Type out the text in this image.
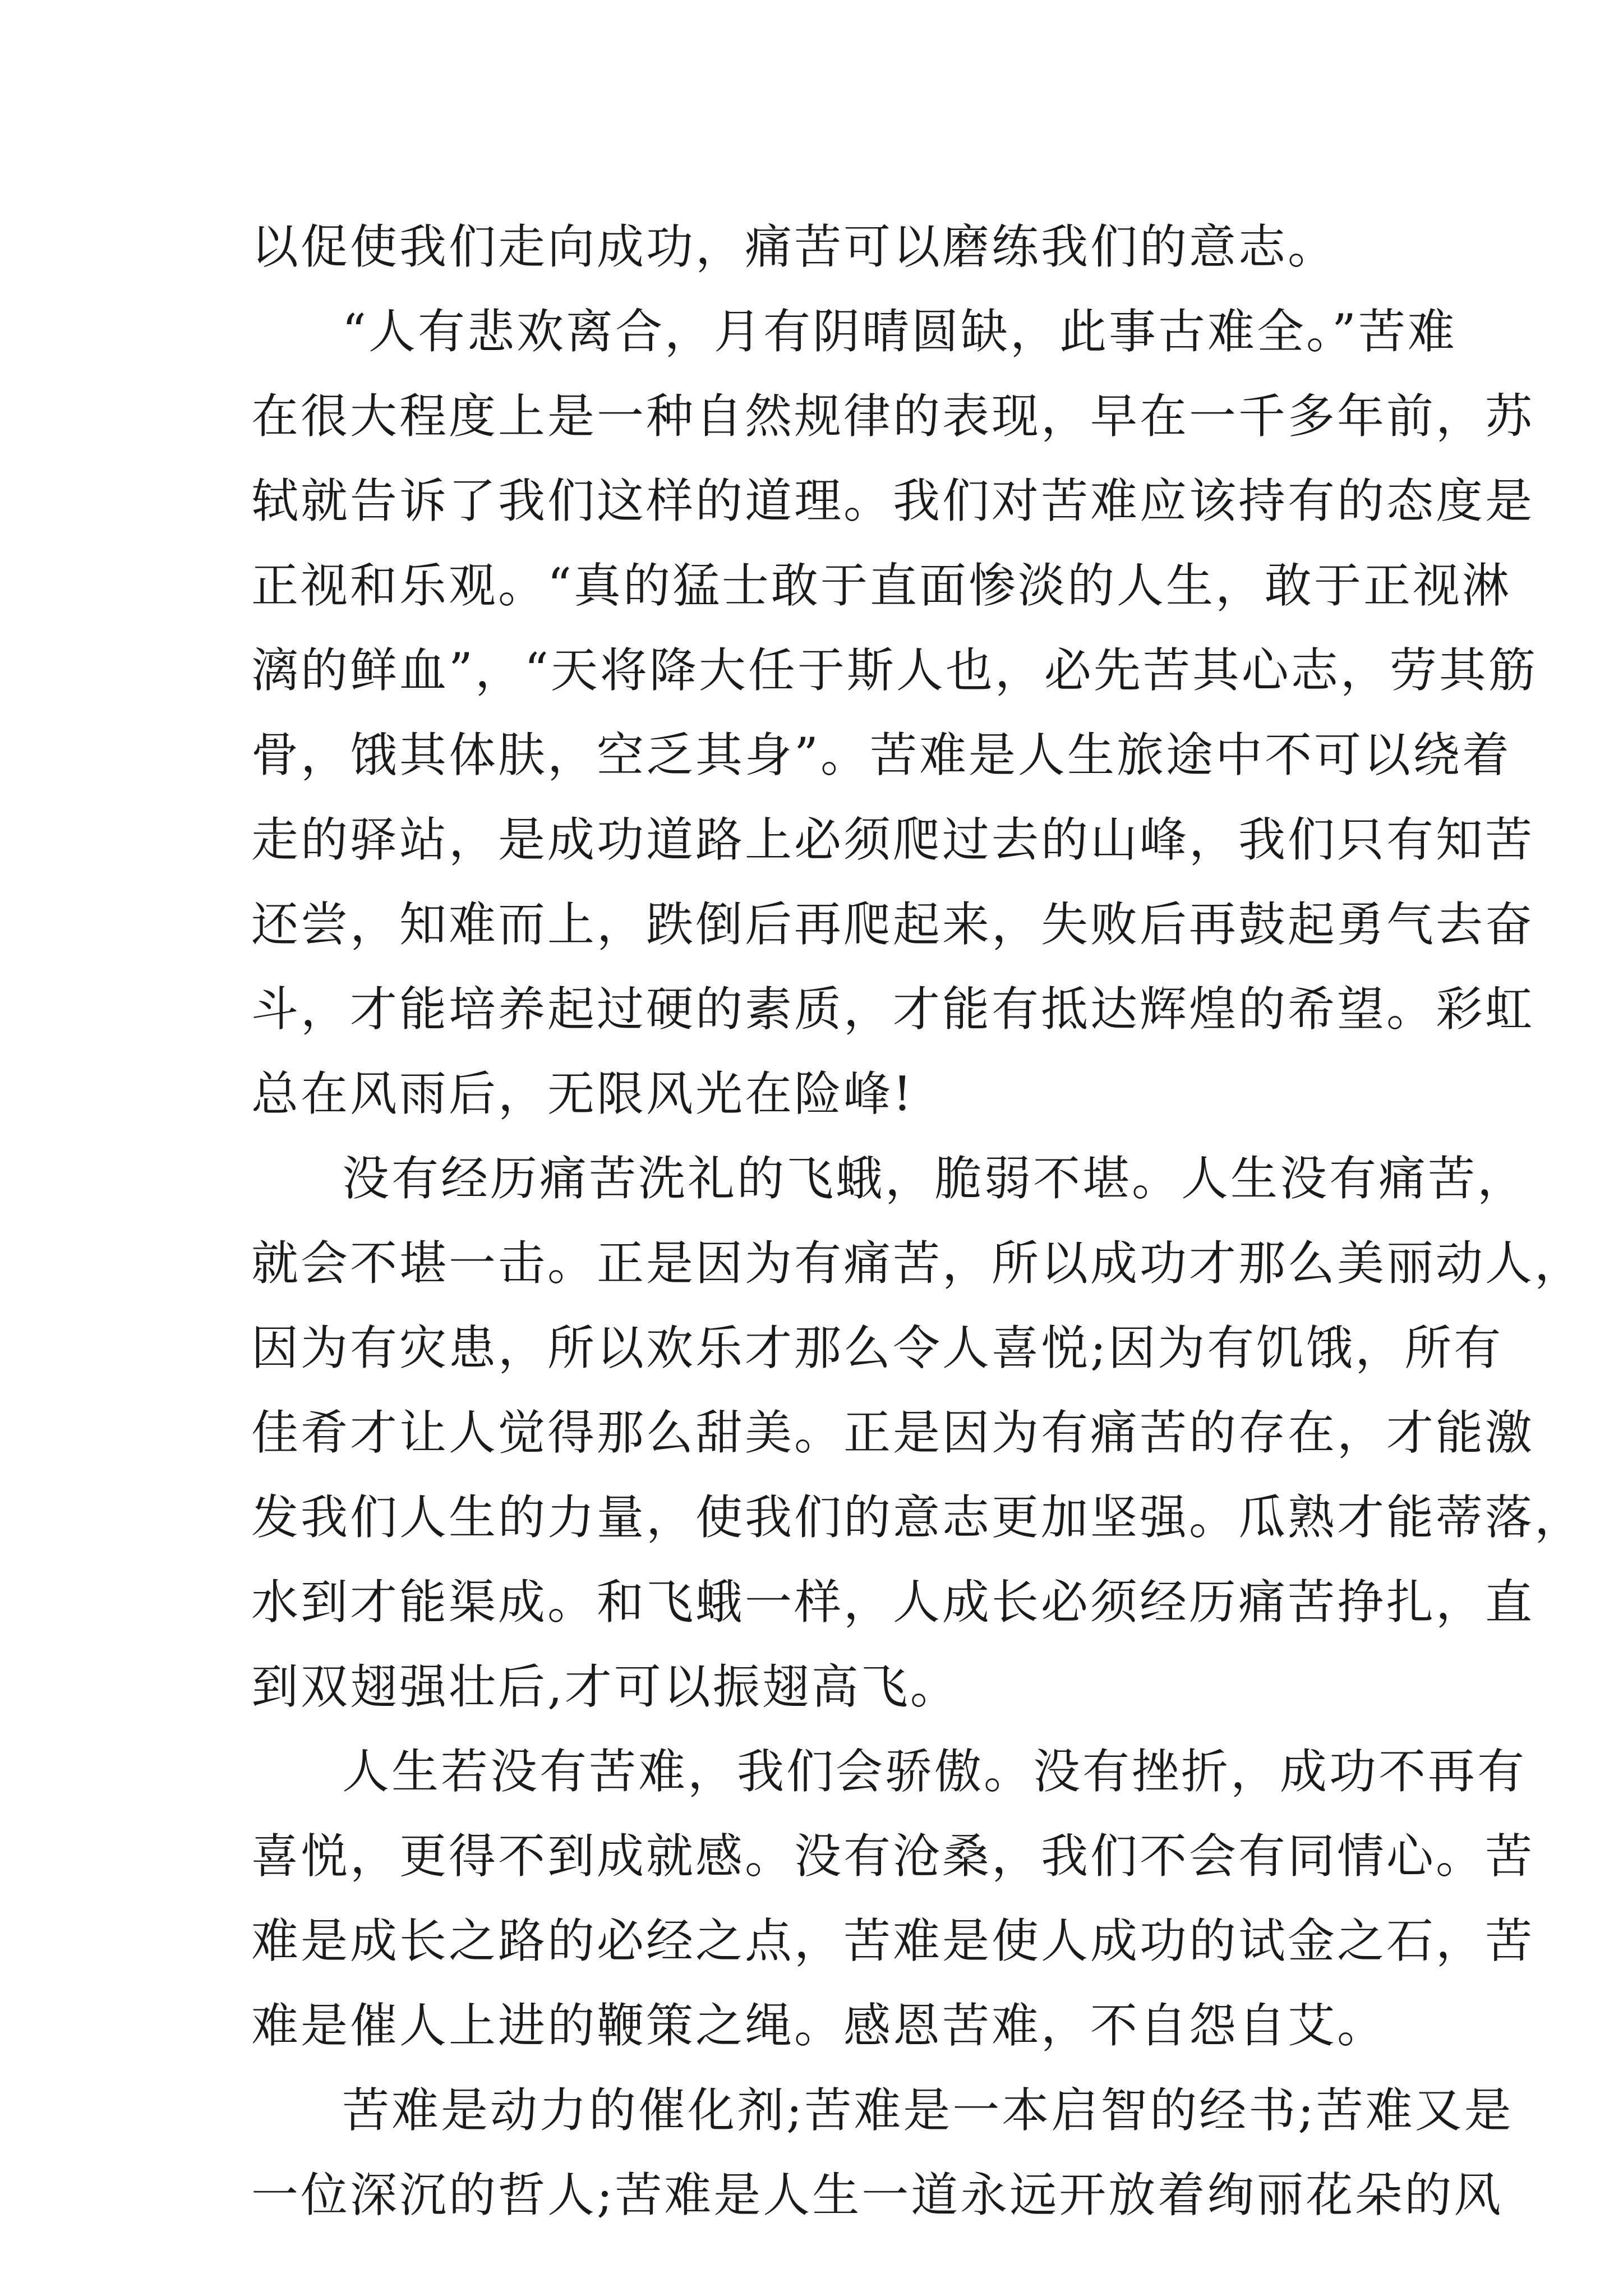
以促使我们走向成功，痛苦可以磨练我们的意志。
“人有悲欢离合，月有阴晴圆缺，此事古难全。”苦难
在很大程度上是一种自然规律的表现，早在一千多年前，苏
轼就告诉了我们这样的道理。我们对苦难应该持有的态度是
正视和乐观。“真的猛士敢于直面惨淡的人生，敢于正视淋
漓的鲜血”，“天将降大任于斯人也，必先苦其心志，劳其筋
骨，饿其体肤，空乏其身”。苦难是人生旅途中不可以绕着
走的驿站，是成功道路上必须爬过去的山峰，我们只有知苦
还尝，知难而上，跌倒后再爬起来，失败后再鼓起勇气去奋
斗，才能培养起过硬的素质，才能有抵达辉煌的希望。彩虹
总在风雨后，无限风光在险峰!
没有经历痛苦洗礼的飞蛾，脆弱不堪。人生没有痛苦，
就会不堪一击。正是因为有痛苦，所以成功才那么美丽动人，
因为有灾患，所以欢乐才那么令人喜悦;因为有饥饿，所有
佳肴才让人觉得那么甜美。正是因为有痛苦的存在，才能激
发我们人生的力量，使我们的意志更加坚强。瓜熟才能蒂落，
水到才能渠成。和飞蛾一样，人成长必须经历痛苦挣扎，直
到双翅强壮后,才可以振翅高飞。
人生若没有苦难，我们会骄傲。没有挫折，成功不再有
喜悦，更得不到成就感。没有沧桑，我们不会有同情心。苦
难是成长之路的必经之点，苦难是使人成功的试金之石，苦
难是催人上进的鞭策之绳。感恩苦难，不自怨自艾。
苦难是动力的催化剂;苦难是一本启智的经书;苦难又是
一位深沉的哲人;苦难是人生一道永远开放着绚丽花朵的风
